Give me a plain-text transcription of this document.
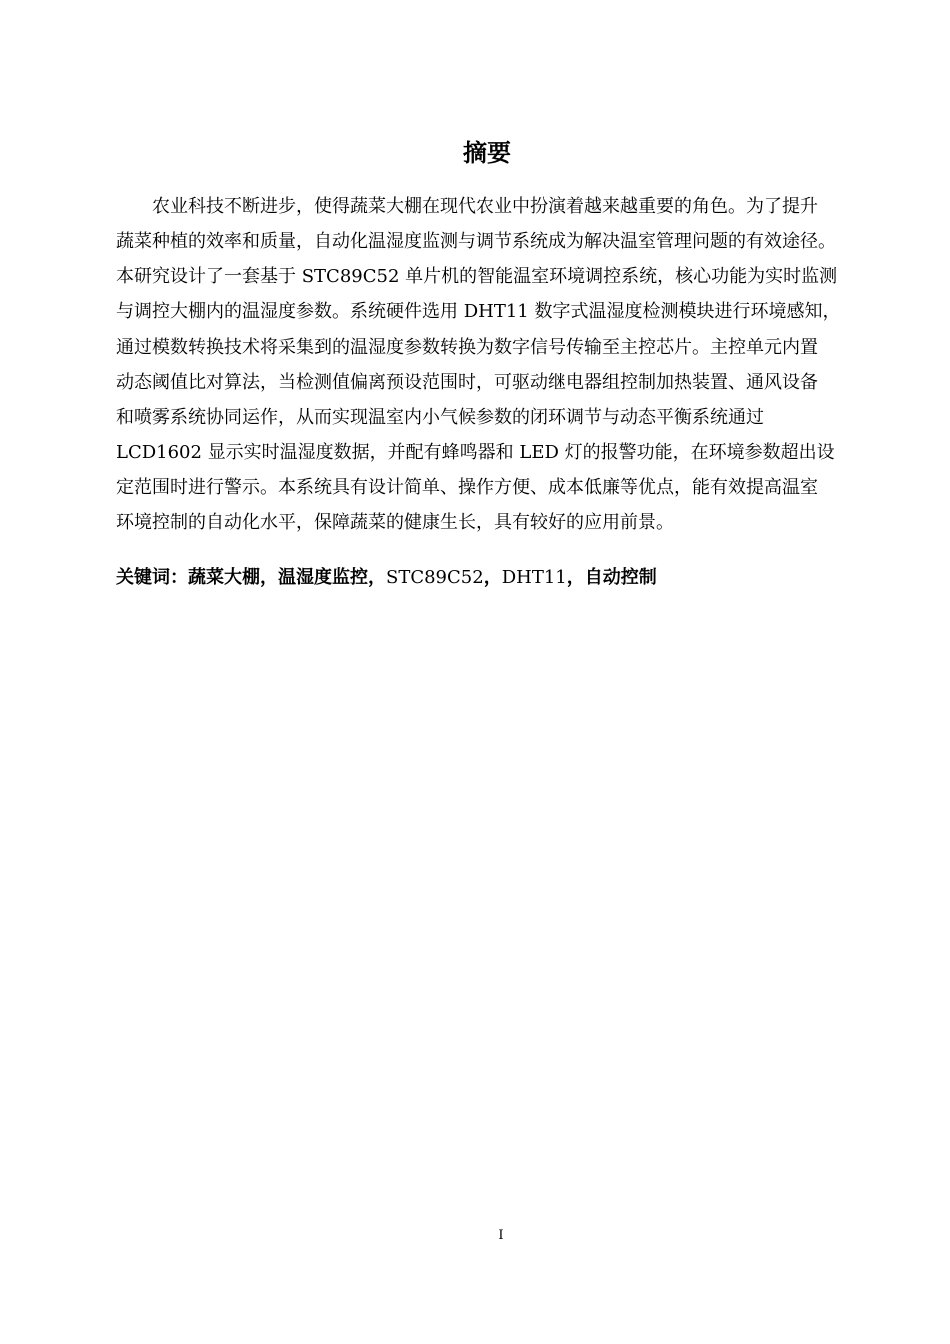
摘要

农业科技不断进步，使得蔬菜大棚在现代农业中扮演着越来越重要的角色。为了提升

蔬菜种植的效率和质量，自动化温湿度监测与调节系统成为解决温室管理问题的有效途径。

本研究设计了一套基于 STC89C52 单片机的智能温室环境调控系统，核心功能为实时监测

与调控大棚内的温湿度参数。系统硬件选用 DHT11 数字式温湿度检测模块进行环境感知，

通过模数转换技术将采集到的温湿度参数转换为数字信号传输至主控芯片。主控单元内置

动态阈值比对算法，当检测值偏离预设范围时，可驱动继电器组控制加热装置、通风设备

和喷雾系统协同运作，从而实现温室内小气候参数的闭环调节与动态平衡系统通过

LCD1602 显示实时温湿度数据，并配有蜂鸣器和 LED 灯的报警功能，在环境参数超出设

定范围时进行警示。本系统具有设计简单、操作方便、成本低廉等优点，能有效提高温室

环境控制的自动化水平，保障蔬菜的健康生长，具有较好的应用前景。

关键词：蔬菜大棚，温湿度监控，STC89C52，DHT11，自动控制

I
